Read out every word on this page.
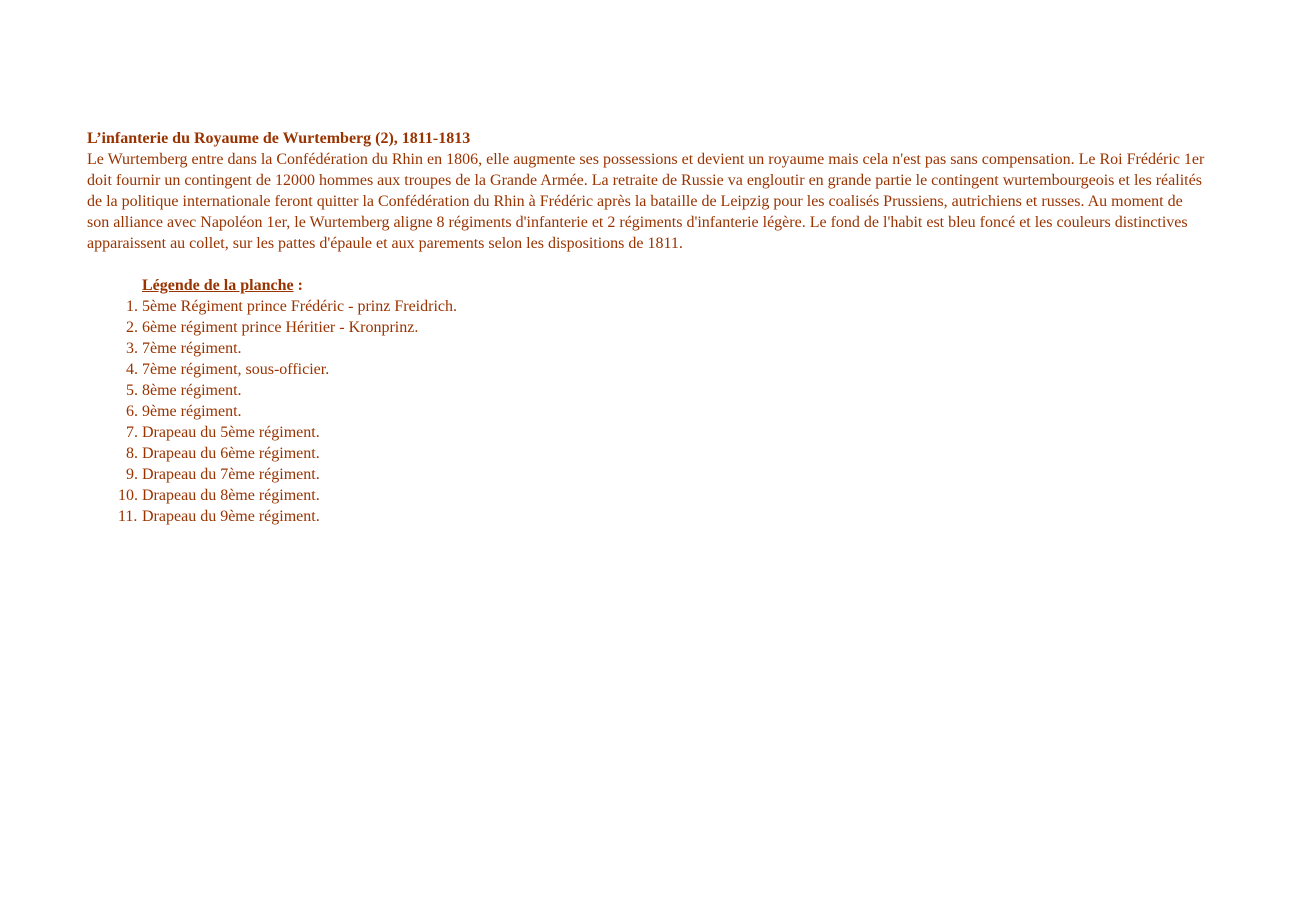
L’infanterie du Royaume de Wurtemberg (2), 1811-1813

Le Wurtemberg entre dans la Confédération du Rhin en 1806, elle augmente ses possessions et devient un royaume mais cela n'est pas sans compensation. Le Roi Frédéric 1er doit fournir un contingent de 12000 hommes aux troupes de la Grande Armée. La retraite de Russie va engloutir en grande partie le contingent wurtembourgeois et les réalités de la politique internationale feront quitter la Confédération du Rhin à Frédéric après la bataille de Leipzig pour les coalisés Prussiens, autrichiens et russes. Au moment de son alliance avec Napoléon 1er, le Wurtemberg aligne 8 régiments d'infanterie et 2 régiments d'infanterie légère. Le fond de l'habit est bleu foncé et les couleurs distinctives apparaissent au collet, sur les pattes d'épaule et aux parements selon les dispositions de 1811.

Légende de la planche :

1. 5ème Régiment prince Frédéric - prinz Freidrich.
2. 6ème régiment prince Héritier - Kronprinz.
3. 7ème régiment.
4. 7ème régiment, sous-officier.
5. 8ème régiment.
6. 9ème régiment.
7. Drapeau du 5ème régiment.
8. Drapeau du 6ème régiment.
9. Drapeau du 7ème régiment.
10. Drapeau du 8ème régiment.
11. Drapeau du 9ème régiment.
